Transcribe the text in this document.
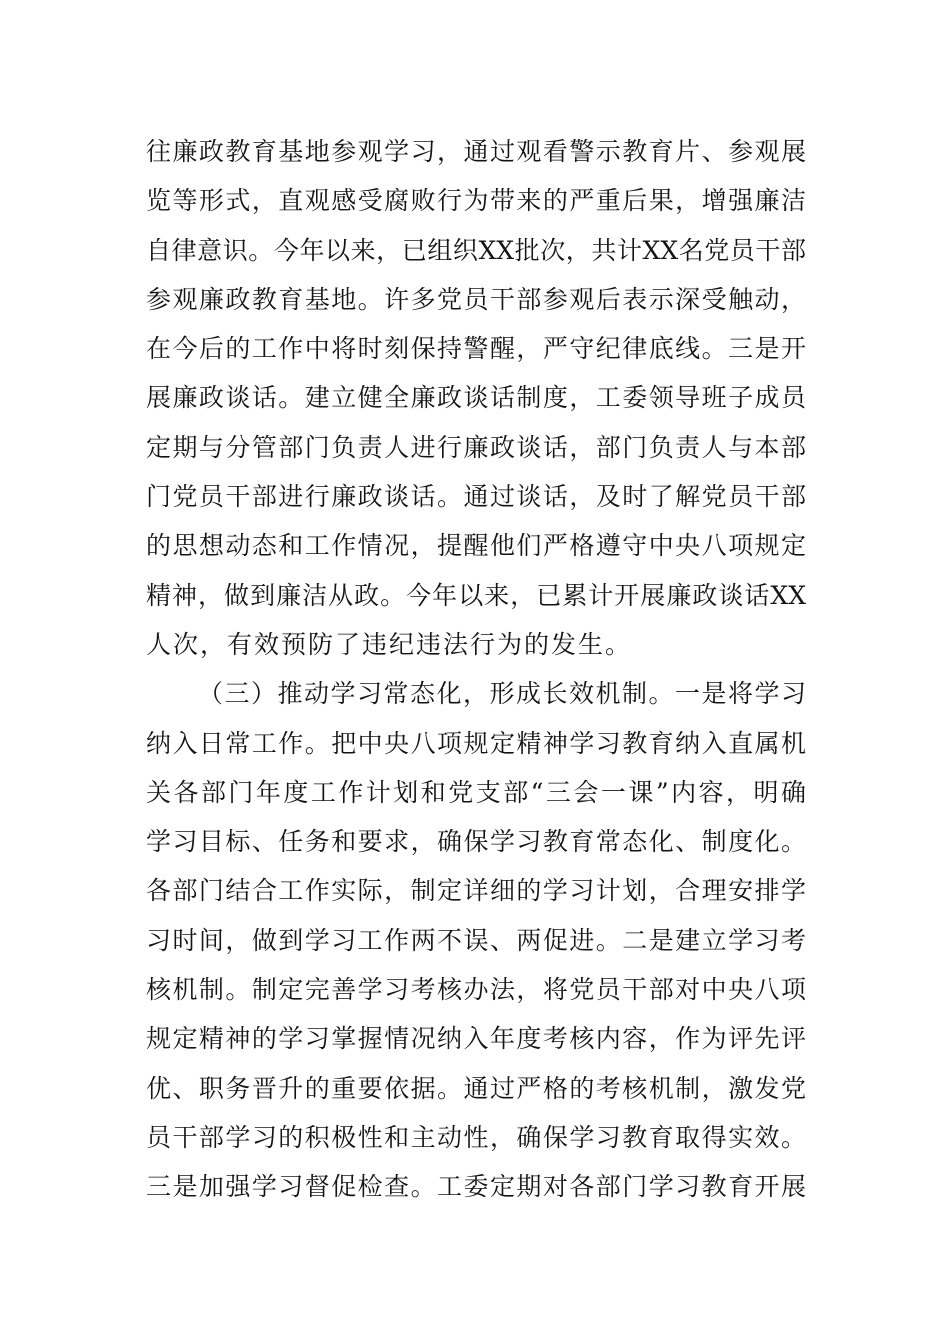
往廉政教育基地参观学习，通过观看警示教育片、参观展
览等形式，直观感受腐败行为带来的严重后果，增强廉洁
自律意识。今年以来，已组织XX批次，共计XX名党员干部
参观廉政教育基地。许多党员干部参观后表示深受触动，
在今后的工作中将时刻保持警醒，严守纪律底线。三是开
展廉政谈话。建立健全廉政谈话制度，工委领导班子成员
定期与分管部门负责人进行廉政谈话，部门负责人与本部
门党员干部进行廉政谈话。通过谈话，及时了解党员干部
的思想动态和工作情况，提醒他们严格遵守中央八项规定
精神，做到廉洁从政。今年以来，已累计开展廉政谈话XX
人次，有效预防了违纪违法行为的发生。
（三）推动学习常态化，形成长效机制。一是将学习
纳入日常工作。把中央八项规定精神学习教育纳入直属机
关各部门年度工作计划和党支部“三会一课”内容，明确
学习目标、任务和要求，确保学习教育常态化、制度化。
各部门结合工作实际，制定详细的学习计划，合理安排学
习时间，做到学习工作两不误、两促进。二是建立学习考
核机制。制定完善学习考核办法，将党员干部对中央八项
规定精神的学习掌握情况纳入年度考核内容，作为评先评
优、职务晋升的重要依据。通过严格的考核机制，激发党
员干部学习的积极性和主动性，确保学习教育取得实效。
三是加强学习督促检查。工委定期对各部门学习教育开展
